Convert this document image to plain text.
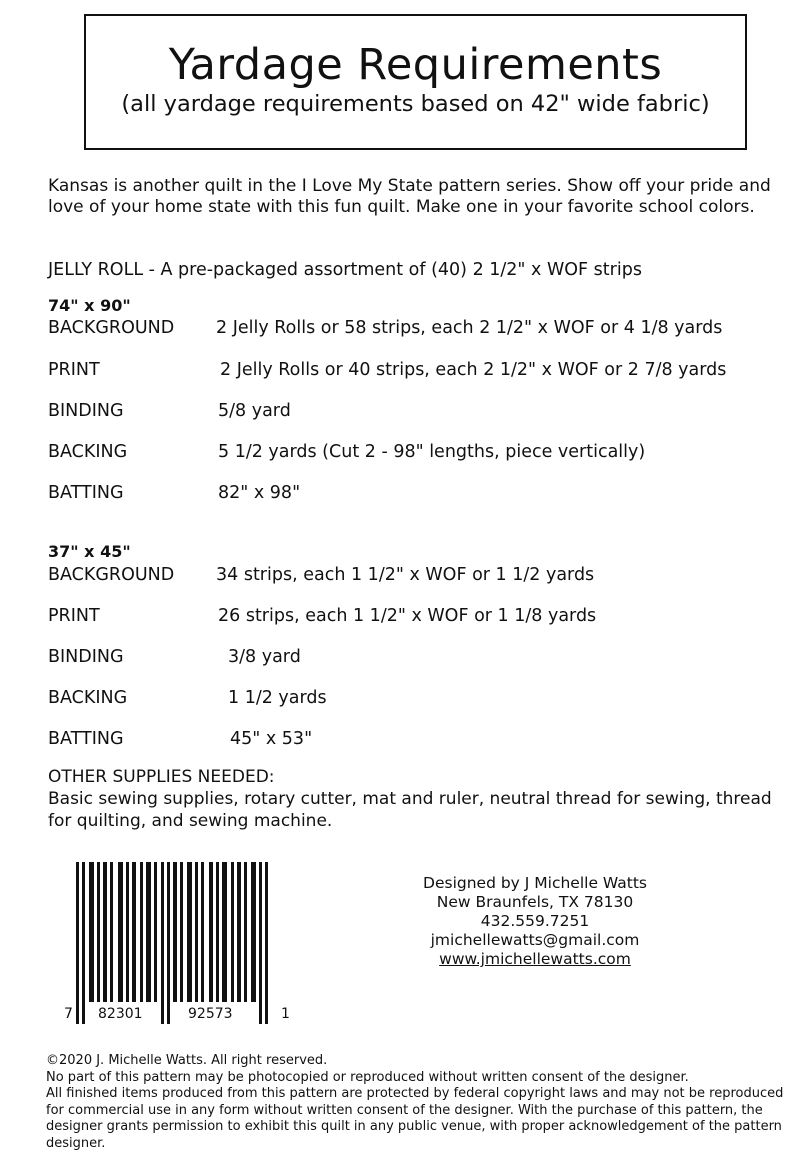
Yardage Requirements
(all yardage requirements based on 42" wide fabric)
Kansas is another quilt in the I Love My State pattern series. Show off your pride and love of your home state with this fun quilt. Make one in your favorite school colors.
JELLY ROLL - A pre-packaged assortment of (40) 2 1/2" x WOF strips
74" x 90"
BACKGROUND 2 Jelly Rolls or 58 strips, each 2 1/2" x WOF or 4 1/8 yards
PRINT	2 Jelly Rolls or 40 strips, each 2 1/2" x WOF or 2 7/8 yards
BINDING	5/8 yard
BACKING	5 1/2 yards (Cut 2 - 98" lengths, piece vertically)
BATTING	82" x 98"
37" x 45"
BACKGROUND 34 strips, each 1 1/2" x WOF or 1 1/2 yards
PRINT	26 strips, each 1 1/2" x WOF or 1 1/8 yards
BINDING	3/8 yard
BACKING	1 1/2 yards
BATTING	45" x 53"
OTHER SUPPLIES NEEDED:
Basic sewing supplies, rotary cutter, mat and ruler, neutral thread for sewing, thread for quilting, and sewing machine.
7 82301	92573	1
Designed by J Michelle Watts
New Braunfels, TX 78130
432.559.7251
jmichellewatts@gmail.com
www.jmichellewatts.com
©2020 J. Michelle Watts. All right reserved.
No part of this pattern may be photocopied or reproduced without written consent of the designer.
All finished items produced from this pattern are protected by federal copyright laws and may not be reproduced for commercial use in any form without written consent of the designer. With the purchase of this pattern, the designer grants permission to exhibit this quilt in any public venue, with proper acknowledgement of the pattern designer.
